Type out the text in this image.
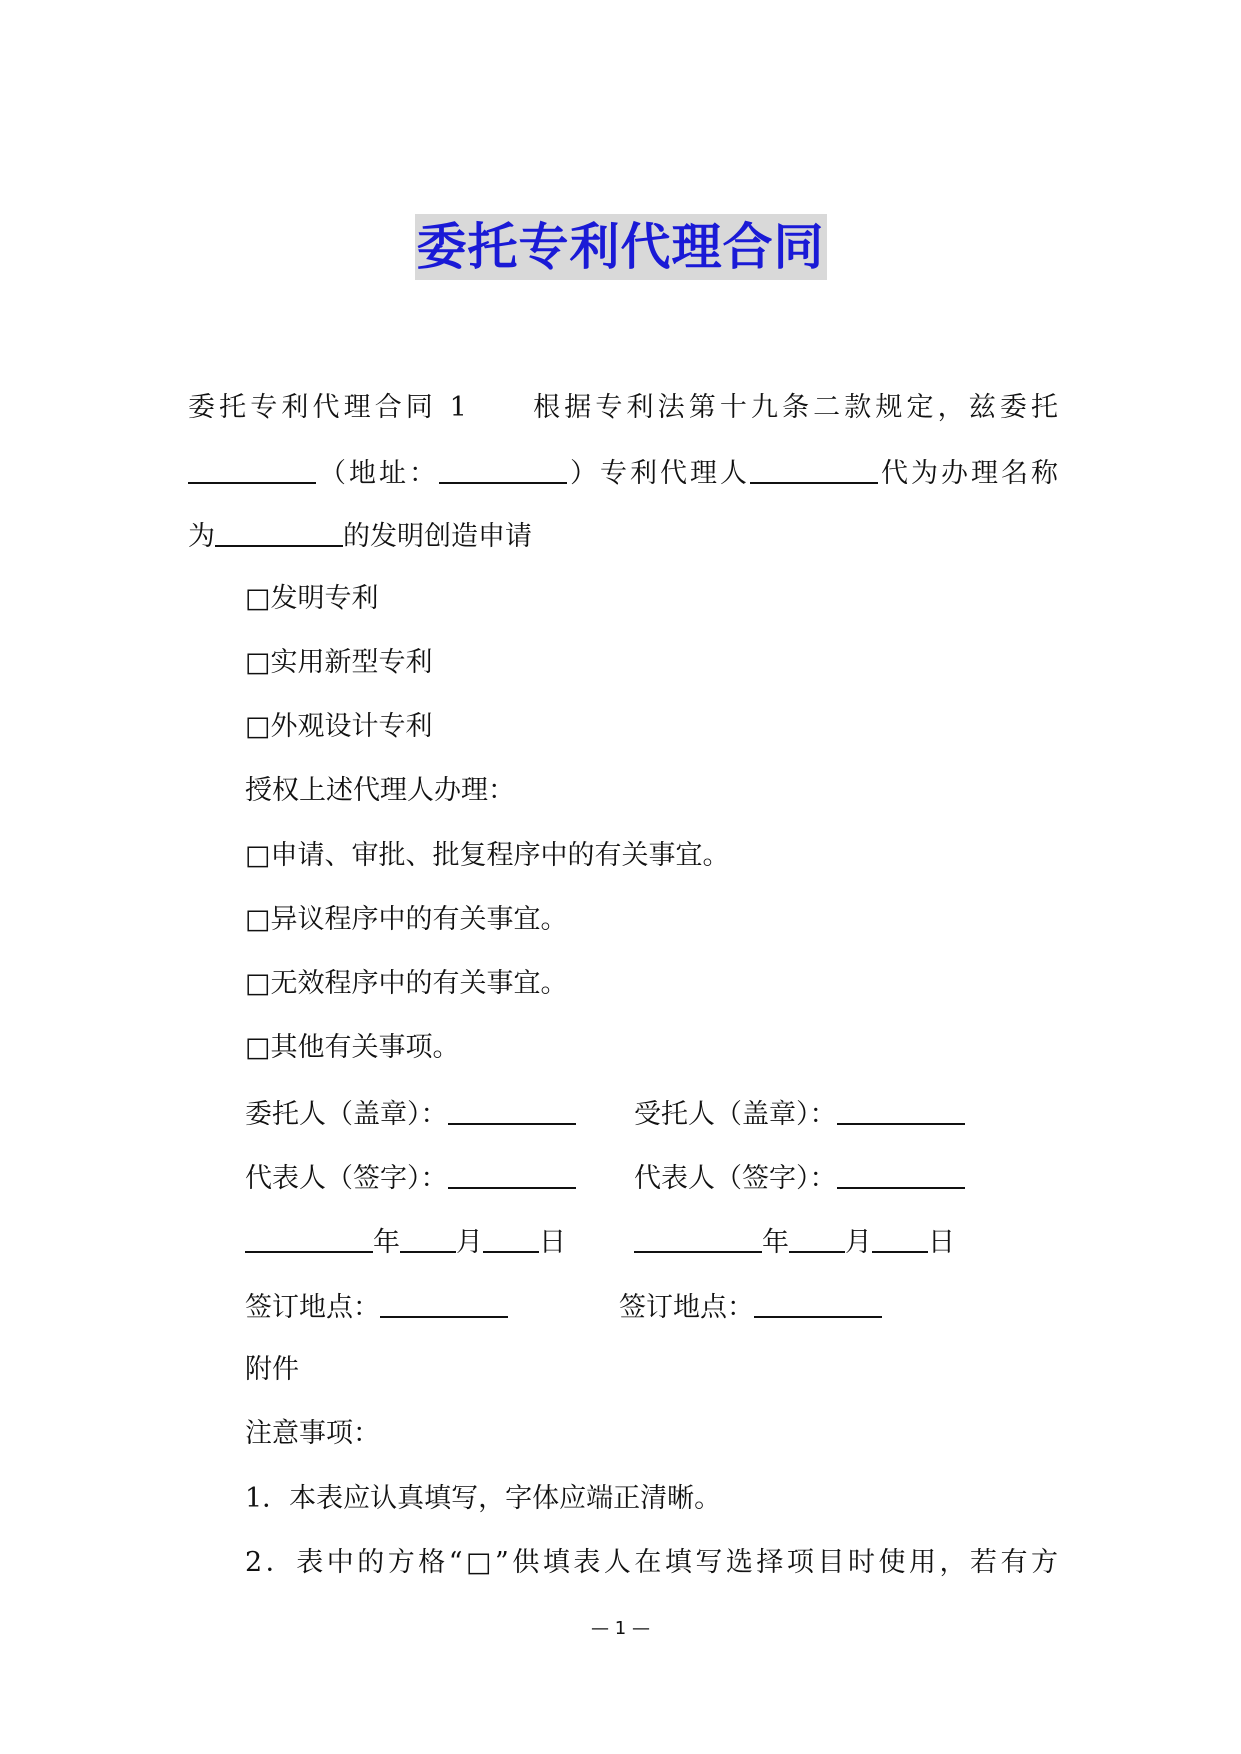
委托专利代理合同
委托专利代理合同 1　　根据专利法第十九条二款规定，兹委托
（地址：	）专利代理人	代为办理名称
为	的发明创造申请
□发明专利
□实用新型专利
□外观设计专利
授权上述代理人办理：
□申请、审批、批复程序中的有关事宜。
□异议程序中的有关事宜。
□无效程序中的有关事宜。
□其他有关事项。
委托人（盖章）：	受托人（盖章）：
代表人（签字）：	代表人（签字）：
年 月 日	年 月 日
签订地点：	签订地点：
附件
注意事项：
1．本表应认真填写，字体应端正清晰。
2．表中的方格“□”供填表人在填写选择项目时使用，若有方
— 1 —
